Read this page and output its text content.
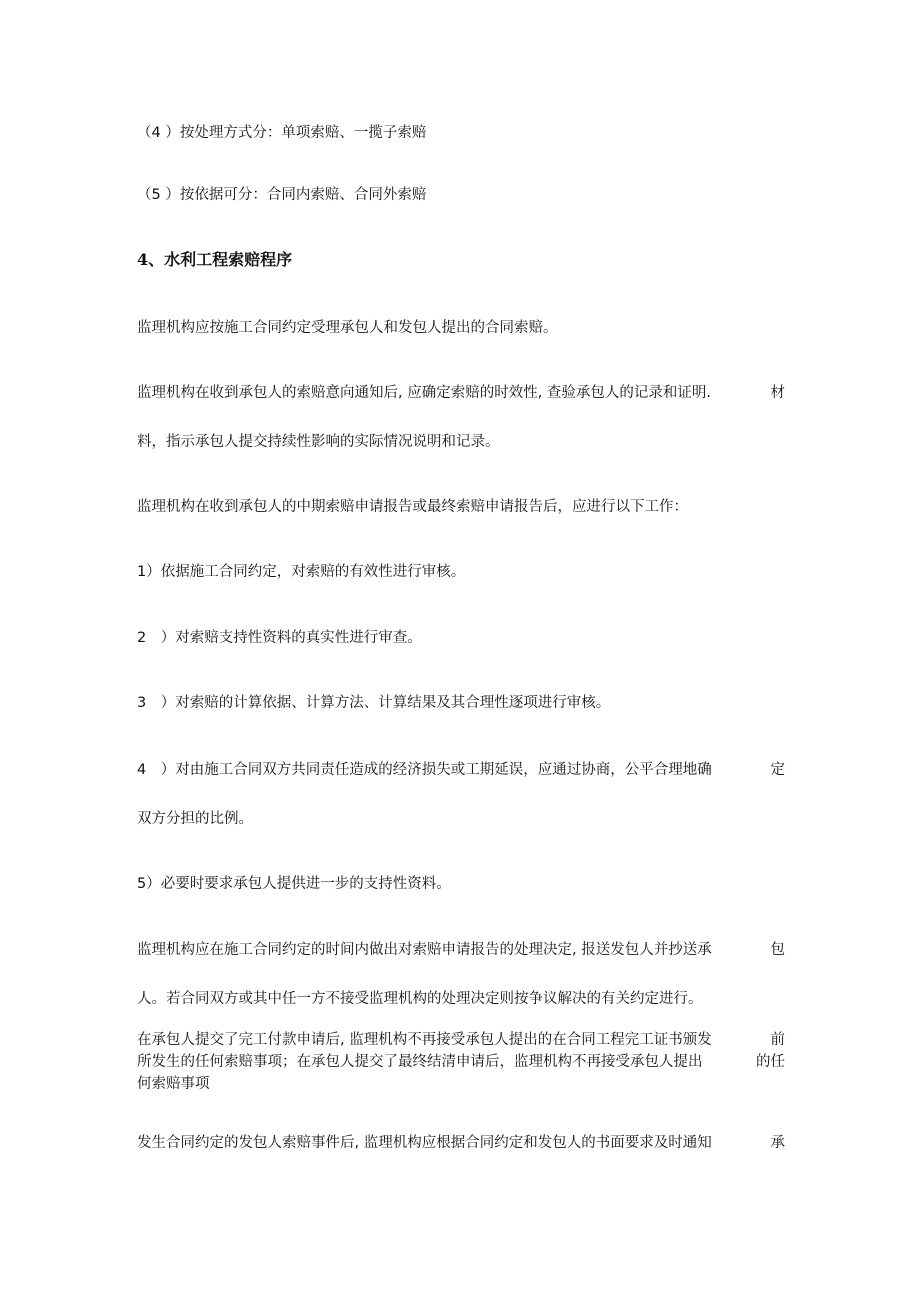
（4 ）按处理方式分：单项索赔、一揽子索赔
（5 ）按依据可分：合同内索赔、合同外索赔
4、水利工程索赔程序
监理机构应按施工合同约定受理承包人和发包人提出的合同索赔。
监理机构在收到承包人的索赔意向通知后, 应确定索赔的时效性, 查验承包人的记录和证明.	材
料，指示承包人提交持续性影响的实际情况说明和记录。
监理机构在收到承包人的中期索赔申请报告或最终索赔申请报告后，应进行以下工作：
1）依据施工合同约定，对索赔的有效性进行审核。
2　）对索赔支持性资料的真实性进行审查。
3　）对索赔的计算依据、计算方法、计算结果及其合理性逐项进行审核。
4　）对由施工合同双方共同责任造成的经济损失或工期延误，应通过协商，公平合理地确	定
双方分担的比例。
5）必要时要求承包人提供进一步的支持性资料。
监理机构应在施工合同约定的时间内做出对索赔申请报告的处理决定, 报送发包人并抄送承	包
人。若合同双方或其中任一方不接受监理机构的处理决定则按争议解决的有关约定进行。
在承包人提交了完工付款申请后, 监理机构不再接受承包人提出的在合同工程完工证书颁发	前
所发生的任何索赔事项；在承包人提交了最终结清申请后，监理机构不再接受承包人提出	的任
何索赔事项
发生合同约定的发包人索赔事件后, 监理机构应根据合同约定和发包人的书面要求及时通知	承
